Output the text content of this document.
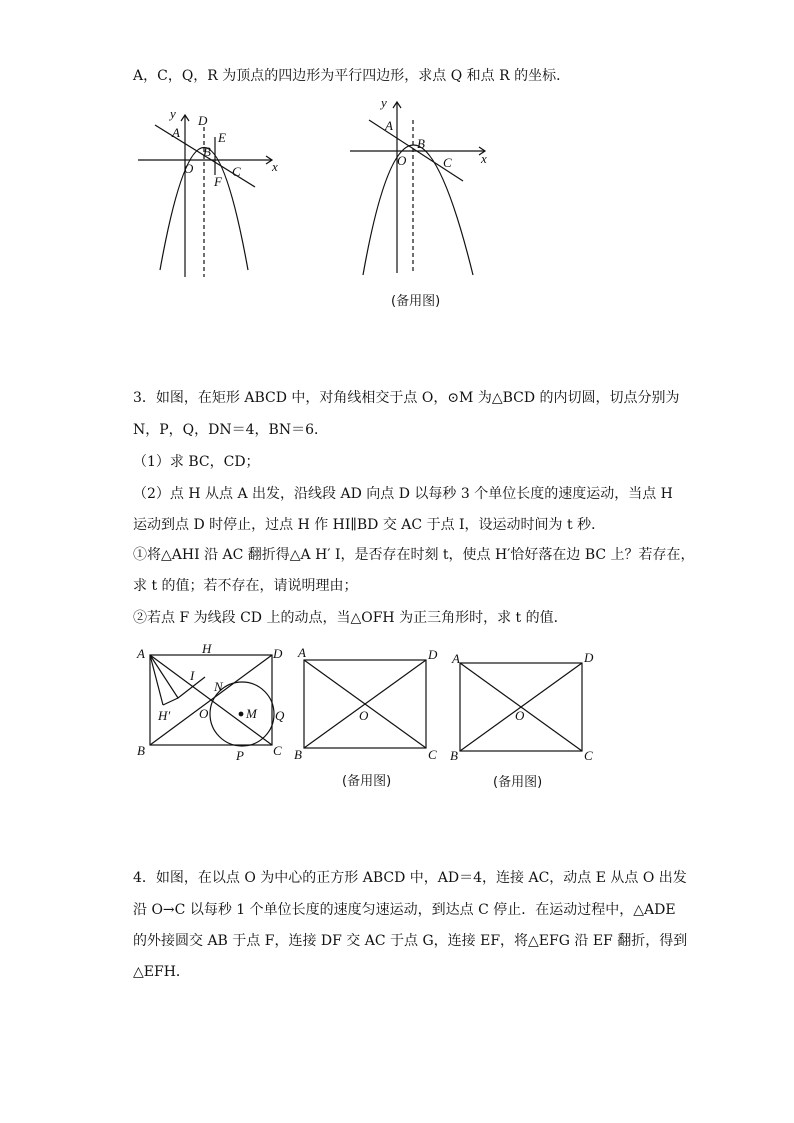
A，C，Q，R 为顶点的四边形为平行四边形，求点 Q 和点 R 的坐标．
y
x
A
D
E
B
O	C
F
y
x
A
B
O	C
(备用图)
3．如图，在矩形 ABCD 中，对角线相交于点 O，⊙M 为△BCD 的内切圆，切点分别为
N，P，Q，DN＝4，BN＝6．
（1）求 BC，CD；
（2）点 H 从点 A 出发，沿线段 AD 向点 D 以每秒 3 个单位长度的速度运动，当点 H
运动到点 D 时停止，过点 H 作 HI∥BD 交 AC 于点 I，设运动时间为 t 秒．
①将△AHI 沿 AC 翻折得△A H′ I，是否存在时刻 t，使点 H′恰好落在边 BC 上？若存在，
求 t 的值；若不存在，请说明理由；
②若点 F 为线段 CD 上的动点，当△OFH 为正三角形时，求 t 的值．
A	H	D
I
N
H′ O	M Q
B	P C
A	D
O
B	C
(备用图)
A	D
O
B	C
(备用图)
4．如图，在以点 O 为中心的正方形 ABCD 中，AD＝4，连接 AC，动点 E 从点 O 出发
沿 O→C 以每秒 1 个单位长度的速度匀速运动，到达点 C 停止．在运动过程中，△ADE
的外接圆交 AB 于点 F，连接 DF 交 AC 于点 G，连接 EF，将△EFG 沿 EF 翻折，得到
△EFH．
